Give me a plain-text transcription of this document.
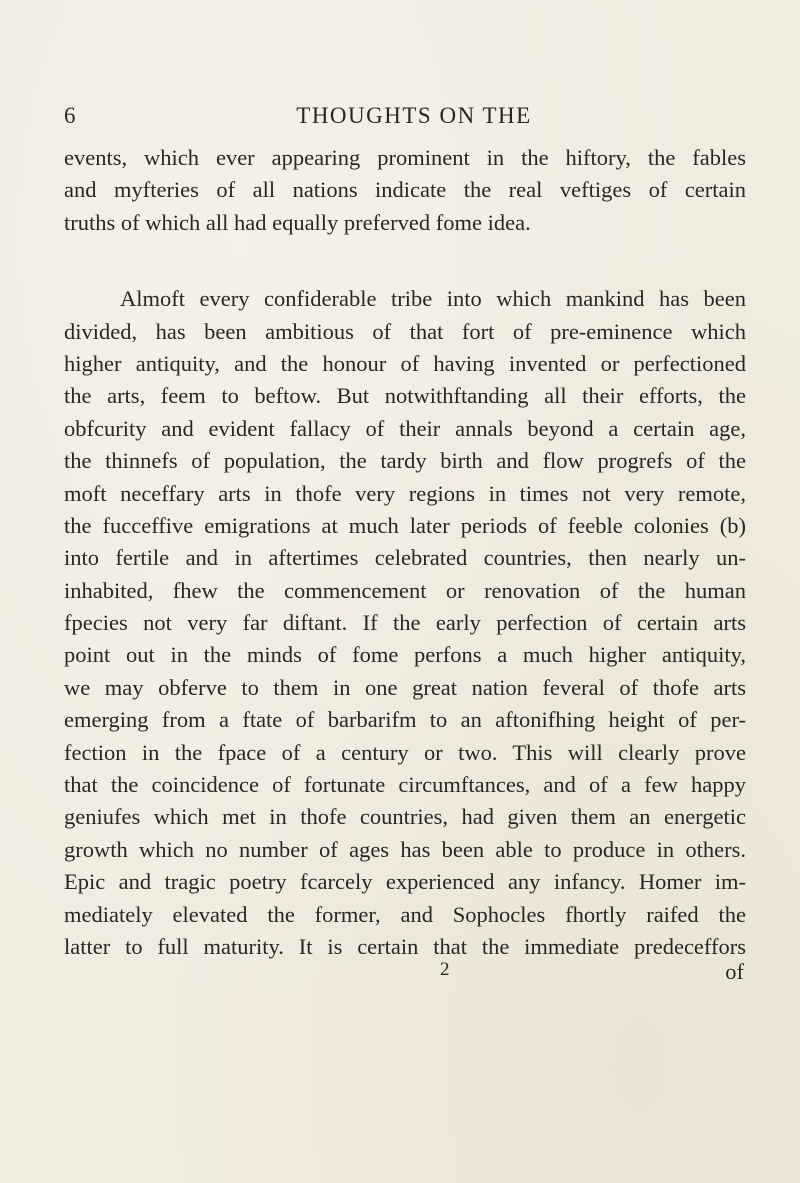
6	THOUGHTS ON THE
events, which ever appearing prominent in the hiftory, the fables
and myfteries of all nations indicate the real veftiges of certain
truths of which all had equally preferved fome idea.
Almoft every confiderable tribe into which mankind has been
divided, has been ambitious of that fort of pre-eminence which
higher antiquity, and the honour of having invented or perfectioned
the arts, feem to beftow. But notwithftanding all their efforts, the
obfcurity and evident fallacy of their annals beyond a certain age,
the thinnefs of population, the tardy birth and flow progrefs of the
moft neceffary arts in thofe very regions in times not very remote,
the fucceffive emigrations at much later periods of feeble colonies (b)
into fertile and in aftertimes celebrated countries, then nearly un-
inhabited, fhew the commencement or renovation of the human
fpecies not very far diftant. If the early perfection of certain arts
point out in the minds of fome perfons a much higher antiquity,
we may obferve to them in one great nation feveral of thofe arts
emerging from a ftate of barbarifm to an aftonifhing height of per-
fection in the fpace of a century or two. This will clearly prove
that the coincidence of fortunate circumftances, and of a few happy
geniufes which met in thofe countries, had given them an energetic
growth which no number of ages has been able to produce in others.
Epic and tragic poetry fcarcely experienced any infancy. Homer im-
mediately elevated the former, and Sophocles fhortly raifed the
latter to full maturity. It is certain that the immediate predeceffors
2	of
